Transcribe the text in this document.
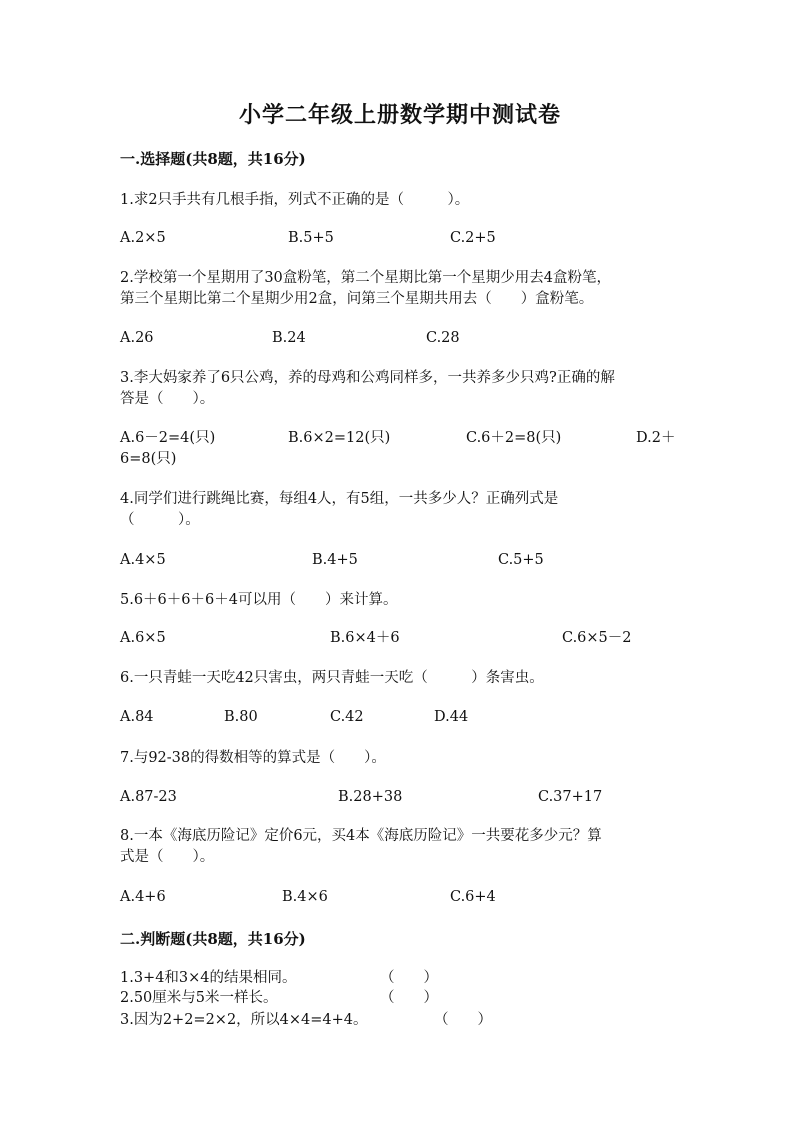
小学二年级上册数学期中测试卷
一.选择题(共8题，共16分)
1.求2只手共有几根手指，列式不正确的是（　　　）。
A.2×5	B.5+5	C.2+5
2.学校第一个星期用了30盒粉笔，第二个星期比第一个星期少用去4盒粉笔，
第三个星期比第二个星期少用2盒，问第三个星期共用去（　　）盒粉笔。
A.26	B.24	C.28
3.李大妈家养了6只公鸡，养的母鸡和公鸡同样多，一共养多少只鸡?正确的解
答是（　　）。
A.6－2=4(只)	B.6×2=12(只)	C.6＋2=8(只)	D.2＋6=8(只)
4.同学们进行跳绳比赛，每组4人，有5组，一共多少人？正确列式是
（　　　）。
A.4×5	B.4+5	C.5+5
5.6＋6＋6＋6＋4可以用（　　）来计算。
A.6×5	B.6×4＋6	C.6×5－2
6.一只青蛙一天吃42只害虫，两只青蛙一天吃（　　　）条害虫。
A.84	B.80	C.42	D.44
7.与92-38的得数相等的算式是（　　）。
A.87-23	B.28+38	C.37+17
8.一本《海底历险记》定价6元，买4本《海底历险记》一共要花多少元？算
式是（　　）。
A.4+6	B.4×6	C.6+4
二.判断题(共8题，共16分)
1.3+4和3×4的结果相同。	（　　）
2.50厘米与5米一样长。	（　　）
3.因为2+2=2×2，所以4×4=4+4。	（　　）
